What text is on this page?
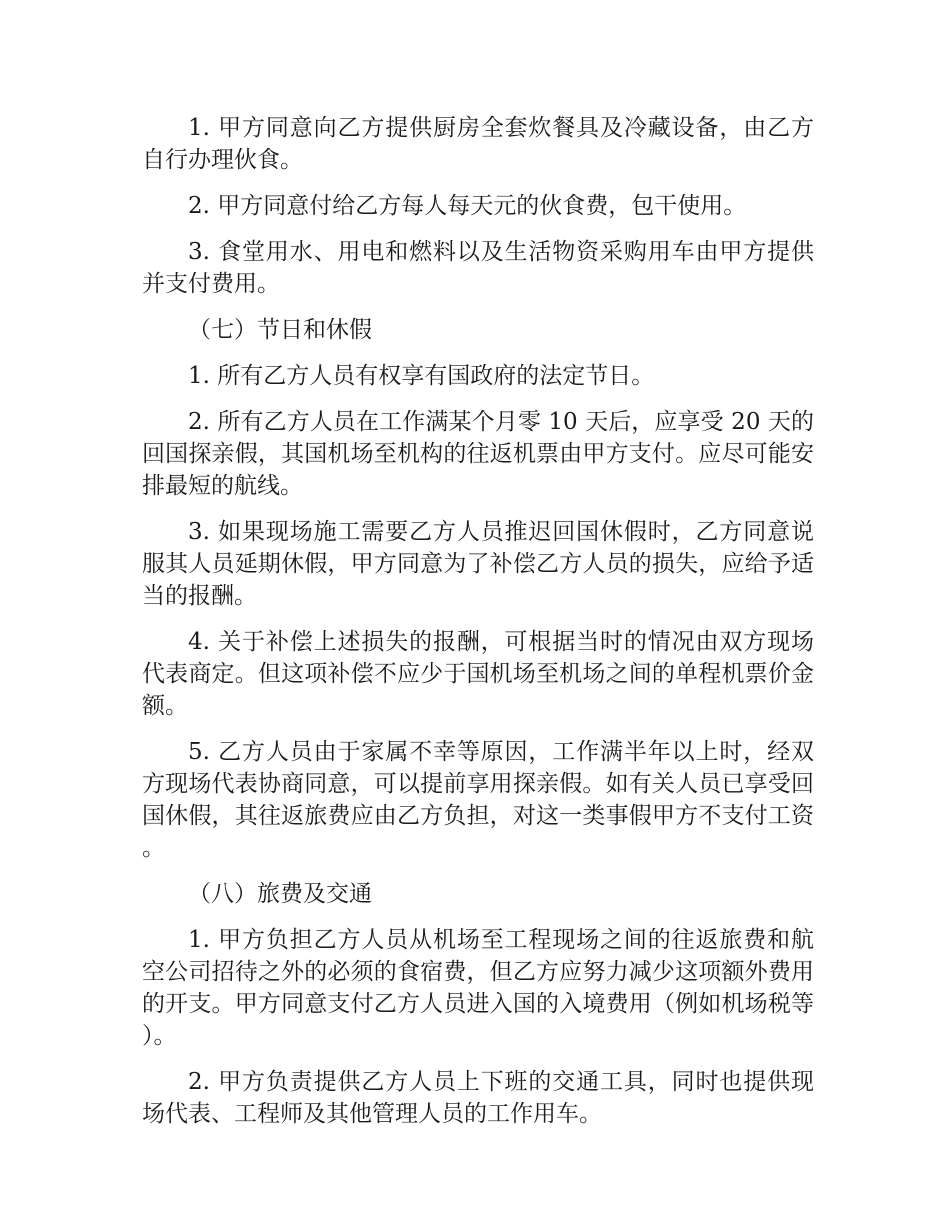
1. 甲方同意向乙方提供厨房全套炊餐具及冷藏设备，由乙方自行办理伙食。

2. 甲方同意付给乙方每人每天元的伙食费，包干使用。

3. 食堂用水、用电和燃料以及生活物资采购用车由甲方提供并支付费用。

（七）节日和休假

1. 所有乙方人员有权享有国政府的法定节日。

2. 所有乙方人员在工作满某个月零 10 天后，应享受 20 天的回国探亲假，其国机场至机构的往返机票由甲方支付。应尽可能安排最短的航线。

3. 如果现场施工需要乙方人员推迟回国休假时，乙方同意说服其人员延期休假，甲方同意为了补偿乙方人员的损失，应给予适当的报酬。

4. 关于补偿上述损失的报酬，可根据当时的情况由双方现场代表商定。但这项补偿不应少于国机场至机场之间的单程机票价金额。

5. 乙方人员由于家属不幸等原因，工作满半年以上时，经双方现场代表协商同意，可以提前享用探亲假。如有关人员已享受回国休假，其往返旅费应由乙方负担，对这一类事假甲方不支付工资。

（八）旅费及交通

1. 甲方负担乙方人员从机场至工程现场之间的往返旅费和航空公司招待之外的必须的食宿费，但乙方应努力减少这项额外费用的开支。甲方同意支付乙方人员进入国的入境费用（例如机场税等）。

2. 甲方负责提供乙方人员上下班的交通工具，同时也提供现场代表、工程师及其他管理人员的工作用车。
